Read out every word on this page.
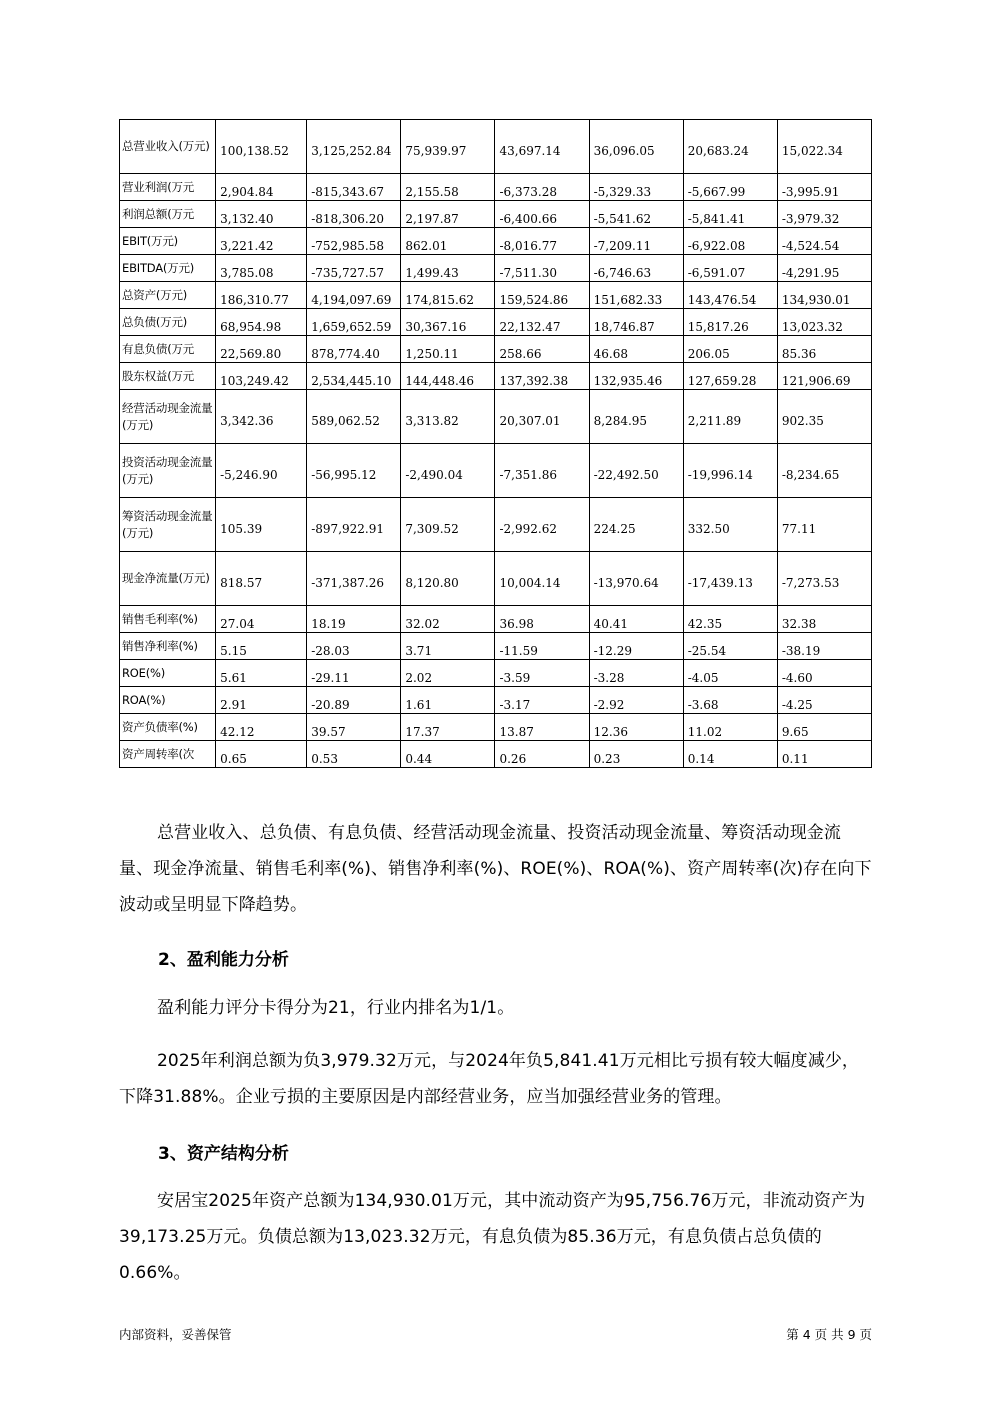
总营业收入(万元)	100,138.52	3,125,252.84	75,939.97	43,697.14	36,096.05	20,683.24	15,022.34
营业利润(万元	2,904.84	-815,343.67	2,155.58	-6,373.28	-5,329.33	-5,667.99	-3,995.91
利润总额(万元	3,132.40	-818,306.20	2,197.87	-6,400.66	-5,541.62	-5,841.41	-3,979.32
EBIT(万元)	3,221.42	-752,985.58	862.01	-8,016.77	-7,209.11	-6,922.08	-4,524.54
EBITDA(万元)	3,785.08	-735,727.57	1,499.43	-7,511.30	-6,746.63	-6,591.07	-4,291.95
总资产(万元)	186,310.77	4,194,097.69	174,815.62	159,524.86	151,682.33	143,476.54	134,930.01
总负债(万元)	68,954.98	1,659,652.59	30,367.16	22,132.47	18,746.87	15,817.26	13,023.32
有息负债(万元	22,569.80	878,774.40	1,250.11	258.66	46.68	206.05	85.36
股东权益(万元	103,249.42	2,534,445.10	144,448.46	137,392.38	132,935.46	127,659.28	121,906.69
经营活动现金流量(万元)	3,342.36	589,062.52	3,313.82	20,307.01	8,284.95	2,211.89	902.35
投资活动现金流量(万元)	-5,246.90	-56,995.12	-2,490.04	-7,351.86	-22,492.50	-19,996.14	-8,234.65
筹资活动现金流量(万元)	105.39	-897,922.91	7,309.52	-2,992.62	224.25	332.50	77.11
现金净流量(万元)	818.57	-371,387.26	8,120.80	10,004.14	-13,970.64	-17,439.13	-7,273.53
销售毛利率(%)	27.04	18.19	32.02	36.98	40.41	42.35	32.38
销售净利率(%)	5.15	-28.03	3.71	-11.59	-12.29	-25.54	-38.19
ROE(%)	5.61	-29.11	2.02	-3.59	-3.28	-4.05	-4.60
ROA(%)	2.91	-20.89	1.61	-3.17	-2.92	-3.68	-4.25
资产负债率(%)	42.12	39.57	17.37	13.87	12.36	11.02	9.65
资产周转率(次	0.65	0.53	0.44	0.26	0.23	0.14	0.11
总营业收入、总负债、有息负债、经营活动现金流量、投资活动现金流量、筹资活动现金流量、现金净流量、销售毛利率(%)、销售净利率(%)、ROE(%)、ROA(%)、资产周转率(次)存在向下波动或呈明显下降趋势。
2、盈利能力分析
盈利能力评分卡得分为21，行业内排名为1/1。
2025年利润总额为负3,979.32万元，与2024年负5,841.41万元相比亏损有较大幅度减少，下降31.88%。企业亏损的主要原因是内部经营业务，应当加强经营业务的管理。
3、资产结构分析
安居宝2025年资产总额为134,930.01万元，其中流动资产为95,756.76万元，非流动资产为39,173.25万元。负债总额为13,023.32万元，有息负债为85.36万元，有息负债占总负债的0.66%。
内部资料，妥善保管	第 4 页 共 9 页
